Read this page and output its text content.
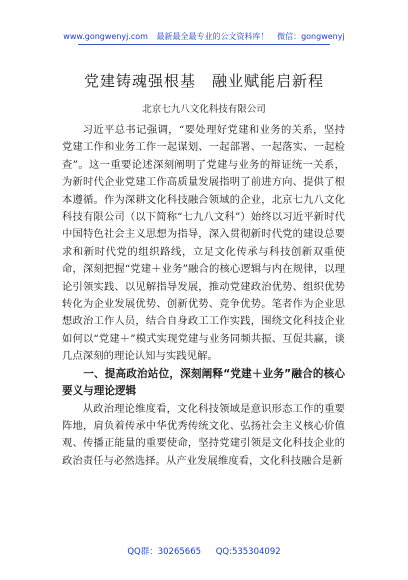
www.gongwenyj.com 最新最全最专业的公文资料库！ 微信：gongwenyj
党建铸魂强根基 融业赋能启新程
北京七九八文化科技有限公司

习近平总书记强调，“要处理好党建和业务的关系，坚持党建工作和业务工作一起谋划、一起部署、一起落实、一起检查”。这一重要论述深刻阐明了党建与业务的辩证统一关系，为新时代企业党建工作高质量发展指明了前进方向、提供了根本遵循。作为深耕文化科技融合领域的企业，北京七九八文化科技有限公司（以下简称“七九八文科”）始终以习近平新时代中国特色社会主义思想为指导，深入贯彻新时代党的建设总要求和新时代党的组织路线，立足文化传承与科技创新双重使命，深刻把握“党建＋业务”融合的核心逻辑与内在规律，以理论引领实践、以见解指导发展，推动党建政治优势、组织优势转化为企业发展优势、创新优势、竞争优势。笔者作为企业思想政治工作人员，结合自身政工工作实践，围绕文化科技企业如何以“党建＋”模式实现党建与业务同频共振、互促共赢，谈几点深刻的理论认知与实践见解。

一、提高政治站位，深刻阐释“党建＋业务”融合的核心要义与理论逻辑

从政治理论维度看，文化科技领域是意识形态工作的重要阵地，肩负着传承中华优秀传统文化、弘扬社会主义核心价值观、传播正能量的重要使命，坚持党建引领是文化科技企业的政治责任与必然选择。从产业发展维度看，文化科技融合是新

QQ群：30265665 QQ:535304092
